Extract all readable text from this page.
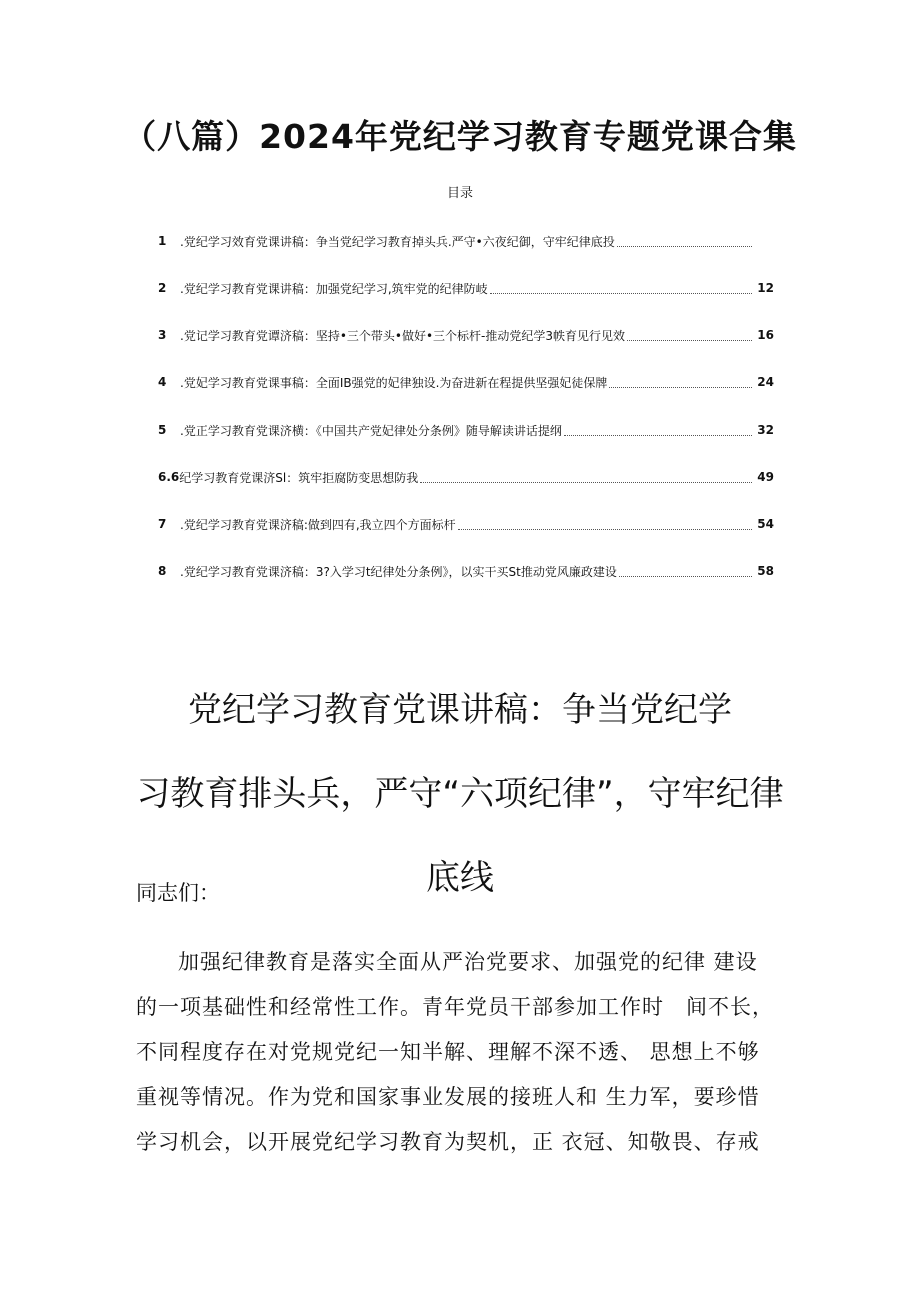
（八篇）2024年党纪学习教育专题党课合集
目录
1	.党纪学习效育党课讲稿：争当党纪学习教育掉头兵.严守•六夜纪御，守牢纪律底投
2	.党纪学习教育党课讲稿：加强党纪学习,筑牢党的纪律防岐	12
3	.党记学习教育党谭济稿：坚持•三个带头•做好•三个标杆-推动党纪学3帙育见行见效	16
4	.党妃学习教育党课事稿：全面IB强党的妃律独设.为奋进新在程提供坚强妃徒保牌	24
5	.党正学习教育党课济横：《中国共产党妃律处分条例》随导解读讲话提纲	32
6.6 纪学习教育党课济Sl：筑牢拒腐防变思想防我	49
7	.党纪学习教育党课济稿:做到四有,我立四个方面标杆	54
8	.党纪学习教育党课济稿：3?入学习t纪律处分条例》，以实干买St推动党风廉政建设	58
党纪学习教育党课讲稿：争当党纪学
习教育排头兵，严守“六项纪律”，守牢纪律
底线
同志们：
加强纪律教育是落实全面从严治党要求、加强党的纪律 建设
的一项基础性和经常性工作。青年党员干部参加工作时　间不长，
不同程度存在对党规党纪一知半解、理解不深不透、 思想上不够
重视等情况。作为党和国家事业发展的接班人和 生力军，要珍惜
学习机会，以开展党纪学习教育为契机，正 衣冠、知敬畏、存戒
